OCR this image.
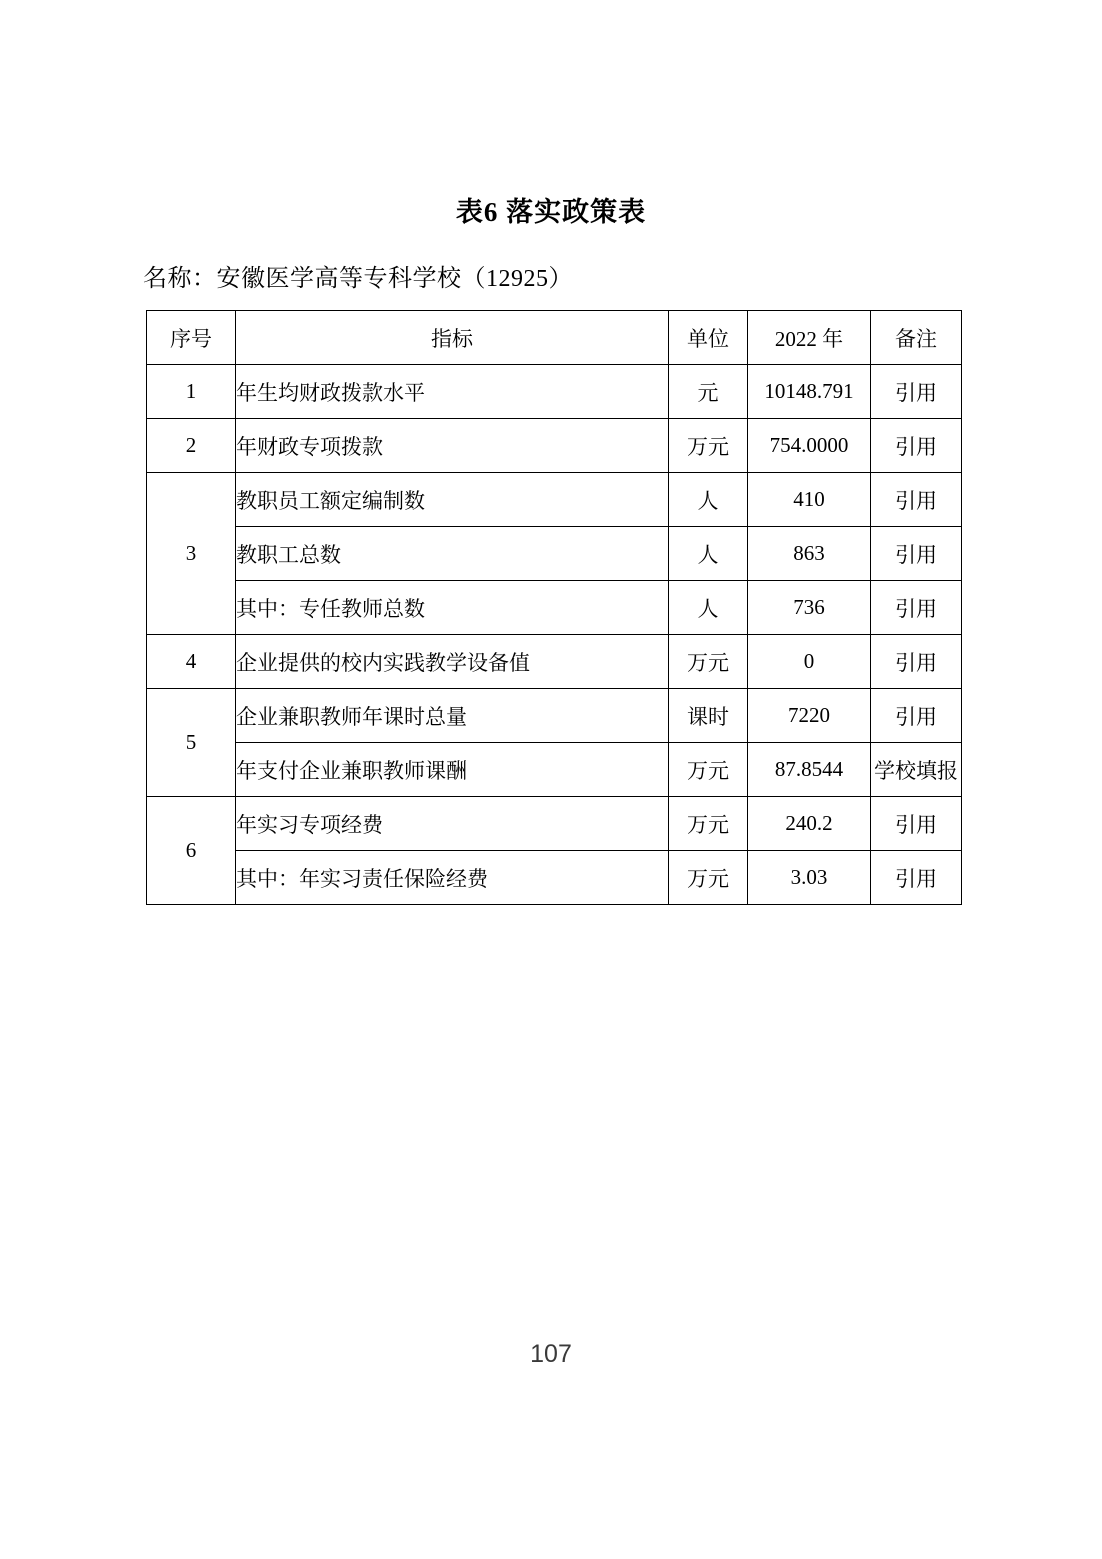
表6 落实政策表
名称：安徽医学高等专科学校（12925）
序号	指标	单位	2022 年	备注
1	年生均财政拨款水平	元	10148.791	引用
2	年财政专项拨款	万元	754.0000	引用
3	教职员工额定编制数	人	410	引用
	教职工总数	人	863	引用
	其中：专任教师总数	人	736	引用
4	企业提供的校内实践教学设备值	万元	0	引用
5	企业兼职教师年课时总量	课时	7220	引用
	年支付企业兼职教师课酬	万元	87.8544	学校填报
6	年实习专项经费	万元	240.2	引用
	其中：年实习责任保险经费	万元	3.03	引用
107
